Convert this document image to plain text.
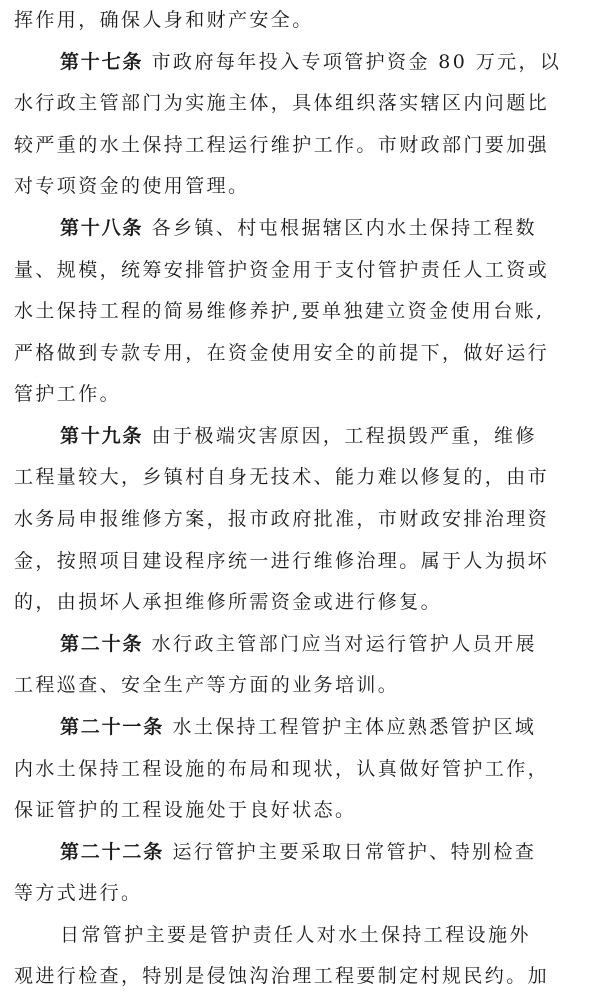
挥作用，确保人身和财产安全。
第十七条 市政府每年投入专项管护资金 80 万元，以
水行政主管部门为实施主体，具体组织落实辖区内问题比
较严重的水土保持工程运行维护工作。市财政部门要加强
对专项资金的使用管理。
第十八条 各乡镇、村屯根据辖区内水土保持工程数
量、规模，统筹安排管护资金用于支付管护责任人工资或
水土保持工程的简易维修养护,要单独建立资金使用台账,
严格做到专款专用，在资金使用安全的前提下，做好运行
管护工作。
第十九条 由于极端灾害原因，工程损毁严重，维修
工程量较大，乡镇村自身无技术、能力难以修复的，由市
水务局申报维修方案，报市政府批准，市财政安排治理资
金，按照项目建设程序统一进行维修治理。属于人为损坏
的，由损坏人承担维修所需资金或进行修复。
第二十条 水行政主管部门应当对运行管护人员开展
工程巡查、安全生产等方面的业务培训。
第二十一条 水土保持工程管护主体应熟悉管护区域
内水土保持工程设施的布局和现状，认真做好管护工作，
保证管护的工程设施处于良好状态。
第二十二条 运行管护主要采取日常管护、特别检查
等方式进行。
日常管护主要是管护责任人对水土保持工程设施外
观进行检查，特别是侵蚀沟治理工程要制定村规民约。加
